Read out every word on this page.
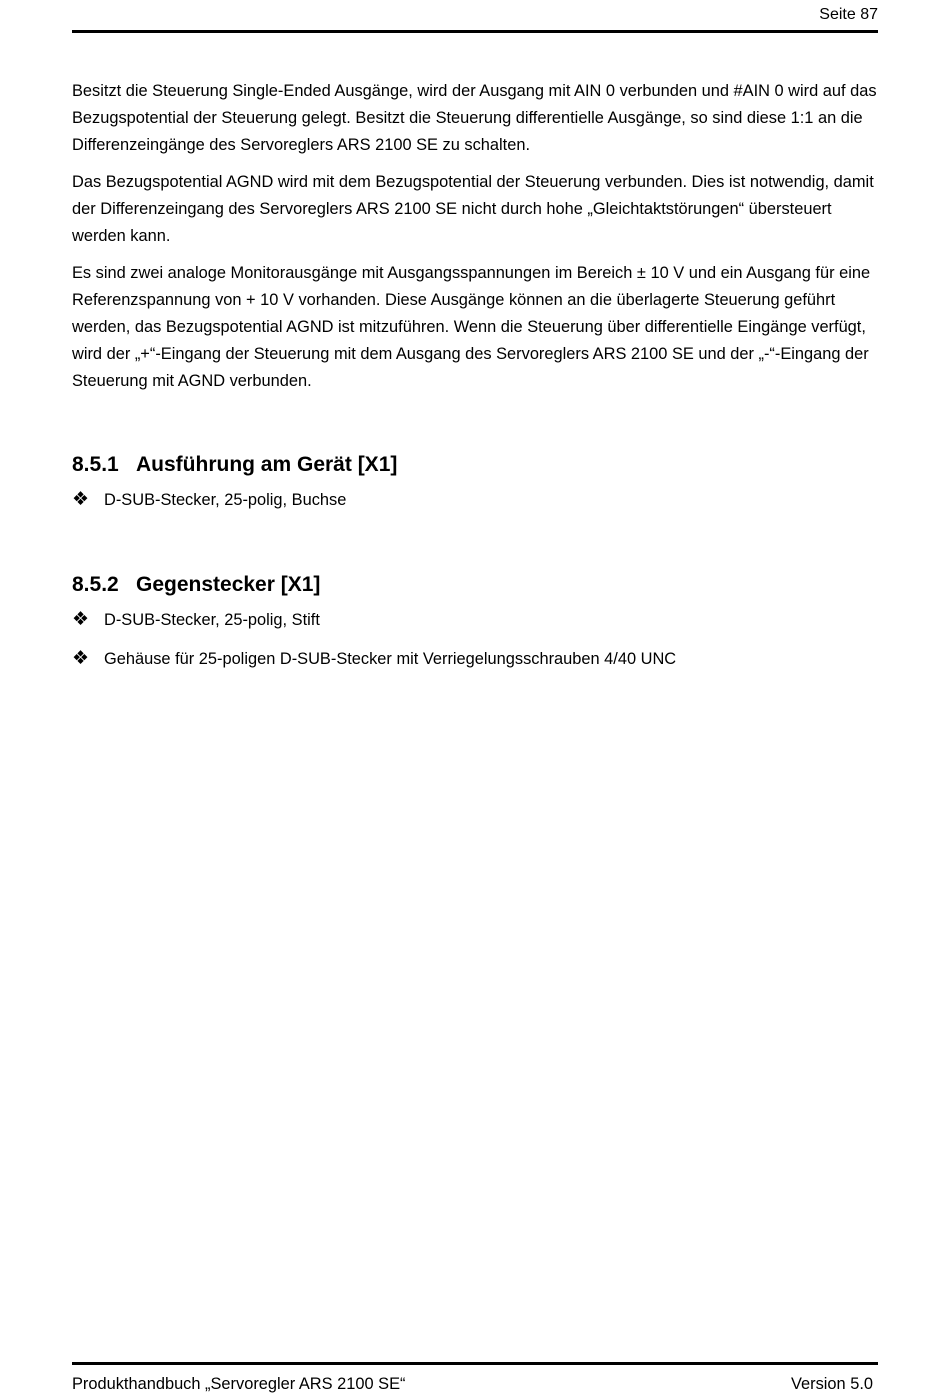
Seite 87

Besitzt die Steuerung Single-Ended Ausgänge, wird der Ausgang mit AIN 0 verbunden und #AIN 0 wird auf das Bezugspotential der Steuerung gelegt. Besitzt die Steuerung differentielle Ausgänge, so sind diese 1:1 an die Differenzeingänge des Servoreglers ARS 2100 SE zu schalten.

Das Bezugspotential AGND wird mit dem Bezugspotential der Steuerung verbunden. Dies ist notwendig, damit der Differenzeingang des Servoreglers ARS 2100 SE nicht durch hohe „Gleichtaktstörungen“ übersteuert werden kann.

Es sind zwei analoge Monitorausgänge mit Ausgangsspannungen im Bereich ± 10 V und ein Ausgang für eine Referenzspannung von + 10 V vorhanden. Diese Ausgänge können an die überlagerte Steuerung geführt werden, das Bezugspotential AGND ist mitzuführen. Wenn die Steuerung über differentielle Eingänge verfügt, wird der „+“-Eingang der Steuerung mit dem Ausgang des Servoreglers ARS 2100 SE und der „-“-Eingang der Steuerung mit AGND verbunden.

8.5.1 Ausführung am Gerät [X1]
❖ D-SUB-Stecker, 25-polig, Buchse
8.5.2 Gegenstecker [X1]
❖ D-SUB-Stecker, 25-polig, Stift
❖ Gehäuse für 25-poligen D-SUB-Stecker mit Verriegelungsschrauben 4/40 UNC
Produkthandbuch „Servoregler ARS 2100 SE“	Version 5.0
